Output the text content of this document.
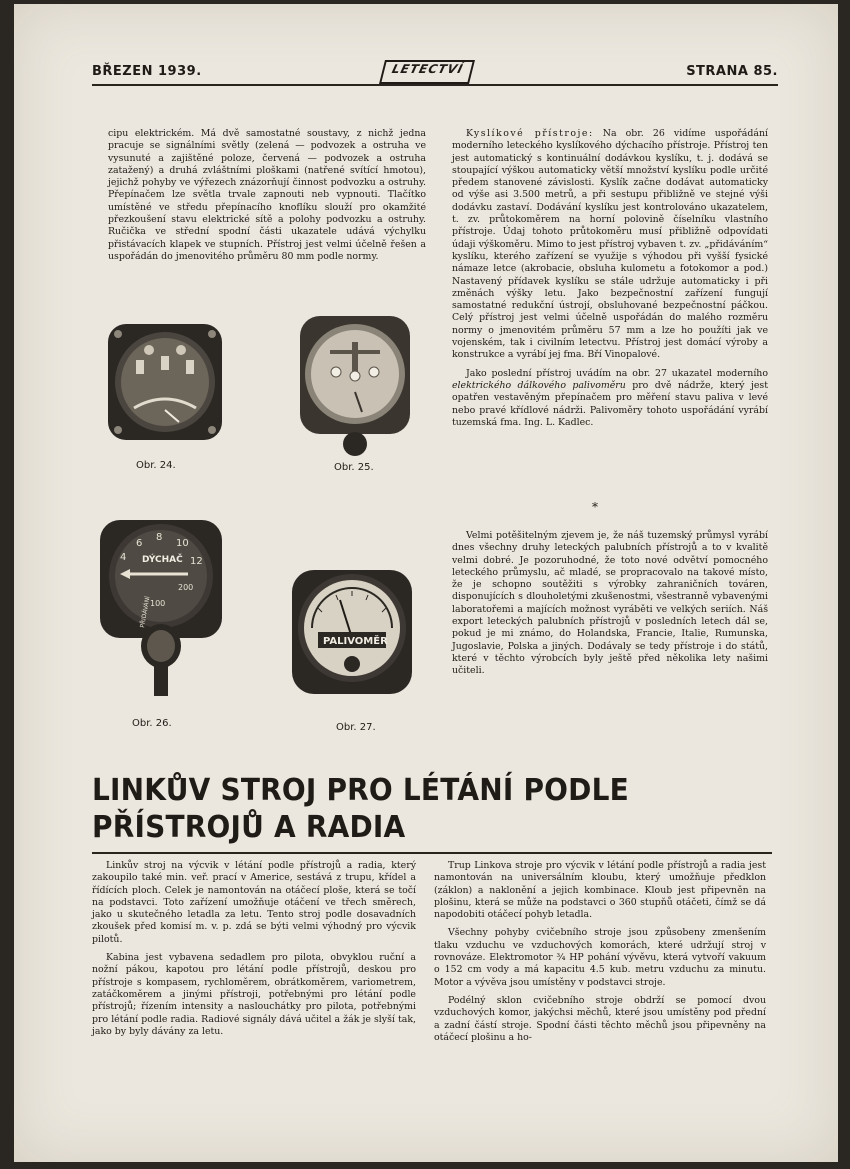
BŘEZEN 1939.	LETECTVÍ	STRANA 85.

cipu elektrickém. Má dvě samostatné soustavy, z nichž jedna pracuje se signálními světly (zelená — podvozek a ostruha ve vysunuté a zajištěné poloze, červená — podvozek a ostruha zatažený) a druhá zvláštními ploškami (natřené svítící hmotou), jejichž pohyby ve výřezech znázorňují činnost podvozku a ostruhy. Přepínačem lze světla trvale zapnouti neb vypnouti. Tlačítko umístěné ve středu přepínacího knoflíku slouží pro okamžité přezkoušení stavu elektrické sítě a polohy podvozku a ostruhy. Ručička ve střední spodní části ukazatele udává výchylku přistávacích klapek ve stupních. Přístroj jest velmi účelně řešen a uspořádán do jmenovitého průměru 80 mm podle normy.

Kyslíkové přístroje: Na obr. 26 vidíme uspořádání moderního leteckého kyslíkového dýchacího přístroje. Přístroj ten jest automatický s kontinuální dodávkou kyslíku, t. j. dodává se stoupající výškou automaticky větší množství kyslíku podle určité předem stanovené závislosti. Kyslík začne dodávat automaticky od výše asi 3.500 metrů, a při sestupu přibližně ve stejné výši dodávku zastaví. Dodávání kyslíku jest kontrolováno ukazatelem, t. zv. průtokoměrem na horní polovině číselníku vlastního přístroje. Údaj tohoto průtokoměru musí přibližně odpovídati údaji výškoměru. Mimo to jest přístroj vybaven t. zv. „přidáváním“ kyslíku, kterého zařízení se využije s výhodou při vyšší fysické námaze letce (akrobacie, obsluha kulometu a fotokomor a pod.) Nastavený přídavek kyslíku se stále udržuje automaticky i při změnách výšky letu. Jako bezpečnostní zařízení fungují samostatné redukční ústrojí, obsluhované bezpečnostní páčkou. Celý přístroj jest velmi účelně uspořádán do malého rozměru normy o jmenovitém průměru 57 mm a lze ho použíti jak ve vojenském, tak i civilním letectvu. Přístroj jest domácí výroby a konstrukce a vyrábí jej fma. Bří Vinopalové.

Jako poslední přístroj uvádím na obr. 27 ukazatel moderního elektrického dálkového palivoměru pro dvě nádrže, který jest opatřen vestavěným přepínačem pro měření stavu paliva v levé nebo pravé křídlové nádrži. Palivoměry tohoto uspořádání vyrábí tuzemská fma. Ing. L. Kadlec.

*

Velmi potěšitelným zjevem je, že náš tuzemský průmysl vyrábí dnes všechny druhy leteckých palubních přístrojů a to v kvalitě velmi dobré. Je pozoruhodné, že toto nové odvětví pomocného leteckého průmyslu, ač mladé, se propracovalo na takové místo, že je schopno soutěžiti s výrobky zahraničních továren, disponujících s dlouholetými zkušenostmi, všestranně vybavenými laboratořemi a majících možnost vyráběti ve velkých seriích. Náš export leteckých palubních přístrojů v posledních letech dál se, pokud je mi známo, do Holandska, Francie, Italie, Rumunska, Jugoslavie, Polska a jiných. Dodávaly se tedy přístroje i do států, které v těchto výrobcích byly ještě před několika lety našimi učiteli.

Obr. 24.	Obr. 25.
6
8
10
4	12
DÝCHAČ
200
100
PŘIDÁVÁNÍ
Obr. 26.
PALIVOMĚR
Obr. 27.
LINKŮV STROJ PRO LÉTÁNÍ PODLE PŘÍSTROJŮ A RADIA

Linkův stroj na výcvik v létání podle přístrojů a radia, který zakoupilo také min. veř. prací v Americe, sestává z trupu, křídel a řídících ploch. Celek je namontován na otáčecí ploše, která se točí na podstavci. Toto zařízení umožňuje otáčení ve třech směrech, jako u skutečného letadla za letu. Tento stroj podle dosavadních zkoušek před komisí m. v. p. zdá se býti velmi výhodný pro výcvik pilotů.

Kabina jest vybavena sedadlem pro pilota, obvyklou ruční a nožní pákou, kapotou pro létání podle přístrojů, deskou pro přístroje s kompasem, rychloměrem, obrátkoměrem, variometrem, zatáčkoměrem a jinými přístroji, potřebnými pro létání podle přístrojů; řízením intensity a naslouchátky pro pilota, potřebnými pro létání podle radia. Radiové signály dává učitel a žák je slyší tak, jako by byly dávány za letu.

Trup Linkova stroje pro výcvik v létání podle přístrojů a radia jest namontován na universálním kloubu, který umožňuje předklon (záklon) a naklonění a jejich kombinace. Kloub jest připevněn na plošinu, která se může na podstavci o 360 stupňů otáčeti, čímž se dá napodobiti otáčecí pohyb letadla.

Všechny pohyby cvičebního stroje jsou způsobeny zmenšením tlaku vzduchu ve vzduchových komorách, které udržují stroj v rovnováze. Elektromotor ¾ HP pohání vývěvu, která vytvoří vakuum o 152 cm vody a má kapacitu 4.5 kub. metru vzduchu za minutu. Motor a vývěva jsou umístěny v podstavci stroje.

Podélný sklon cvičebního stroje obdrží se pomocí dvou vzduchových komor, jakýchsi měchů, které jsou umístěny pod přední a zadní částí stroje. Spodní části těchto měchů jsou připevněny na otáčecí plošinu a ho-
